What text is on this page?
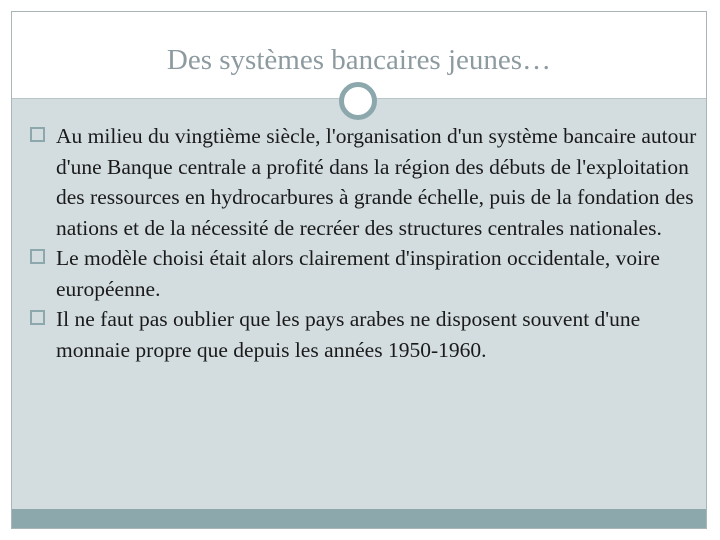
Des systèmes bancaires jeunes…

Au milieu du vingtième siècle, l'organisation d'un système bancaire autour d'une Banque centrale a profité dans la région des débuts de l'exploitation des ressources en hydrocarbures à grande échelle, puis de la fondation des nations et de la nécessité de recréer des structures centrales nationales.

Le modèle choisi était alors clairement d'inspiration occidentale, voire européenne.

Il ne faut pas oublier que les pays arabes ne disposent souvent d'une monnaie propre que depuis les années 1950-1960.
